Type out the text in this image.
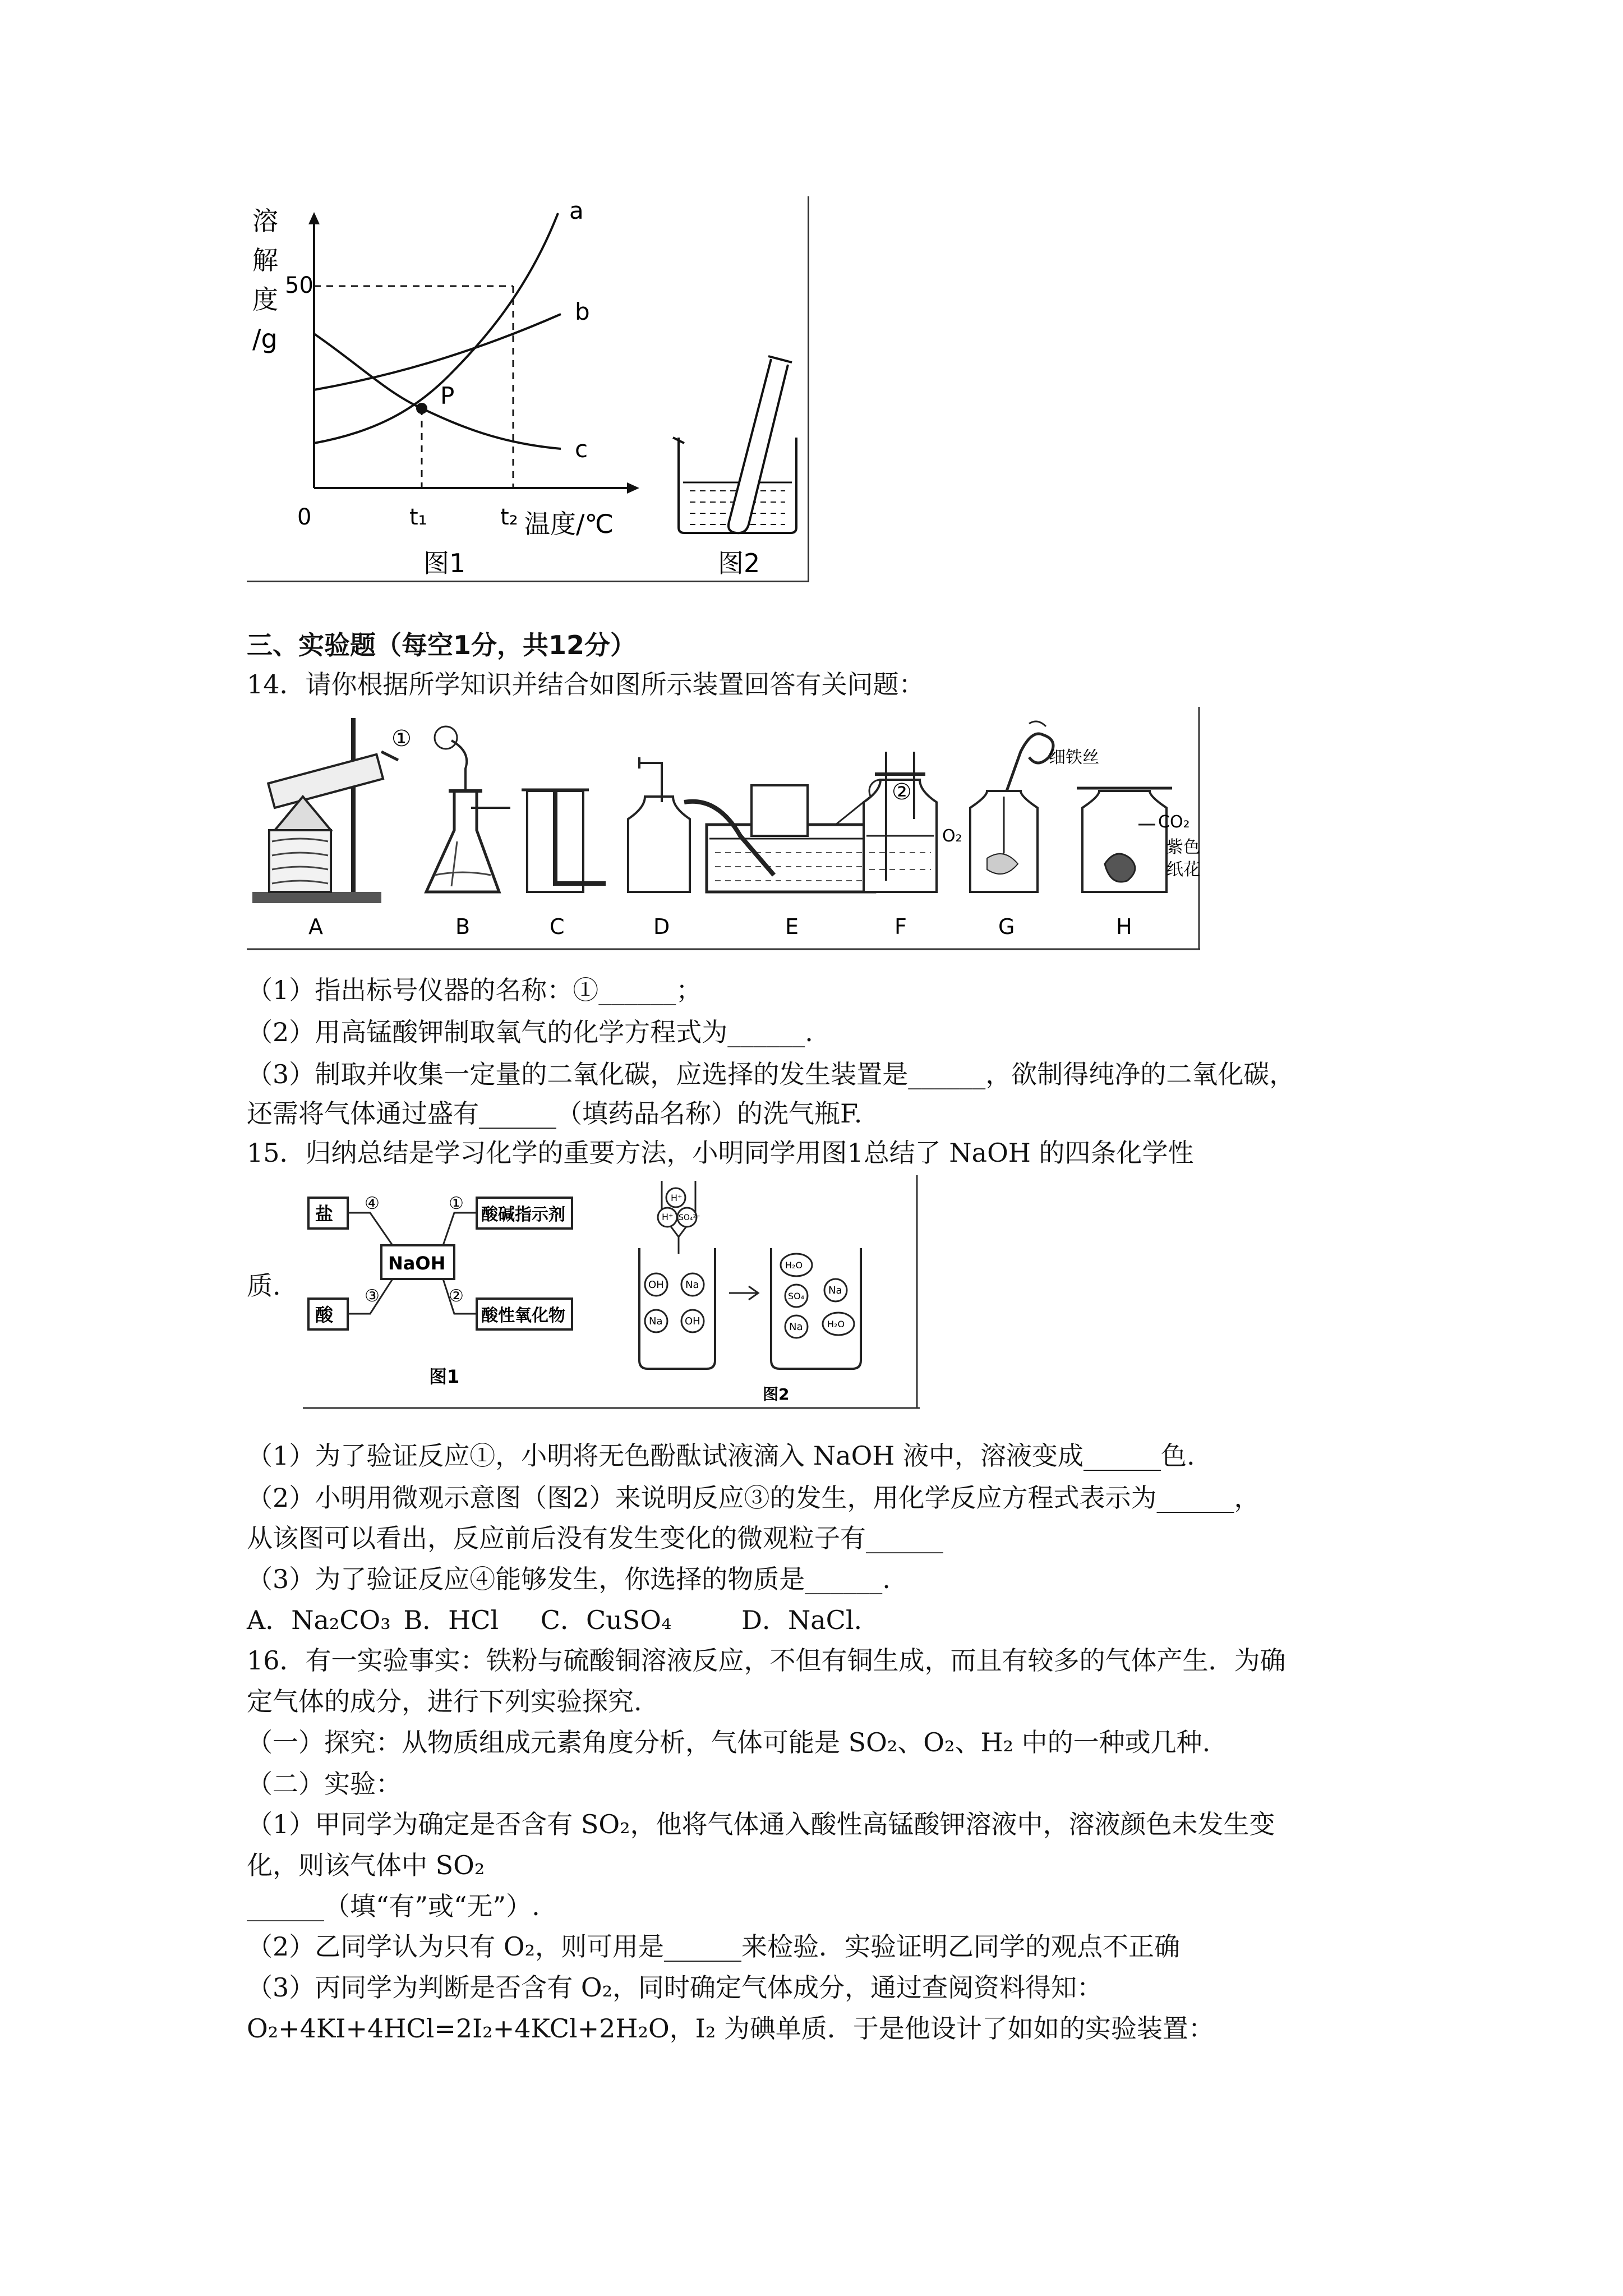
溶
解
度
/g
50
0	t₁	t₂ 温度/℃
a
b
c
P
图1	图2
三、实验题（每空1分，共12分）
14．请你根据所学知识并结合如图所示装置回答有关问题：
①
②
细铁丝
O₂
CO₂
紫色
纸花
A	B	C	D	E	F	G	H
（1）指出标号仪器的名称：①______；
（2）用高锰酸钾制取氧气的化学方程式为______.
（3）制取并收集一定量的二氧化碳，应选择的发生装置是______，欲制得纯净的二氧化碳，
还需将气体通过盛有______（填药品名称）的洗气瓶F.
15．归纳总结是学习化学的重要方法，小明同学用图1总结了 NaOH 的四条化学性
盐	酸碱指示剂
酸	酸性氧化物
NaOH
④	①
③	②
图1
H⁺
SO₄²⁻
H⁺
OH Na
Na OH
H₂O
SO₄ Na
Na	H₂O
图2
质.
（1）为了验证反应①，小明将无色酚酞试液滴入 NaOH 液中，溶液变成______色.
（2）小明用微观示意图（图2）来说明反应③的发生，用化学反应方程式表示为______，
从该图可以看出，反应前后没有发生变化的微观粒子有______
（3）为了验证反应④能够发生，你选择的物质是______.
A．Na₂CO₃ B．HCl C．CuSO₄	D．NaCl.
16．有一实验事实：铁粉与硫酸铜溶液反应，不但有铜生成，而且有较多的气体产生．为确
定气体的成分，进行下列实验探究.
（一）探究：从物质组成元素角度分析，气体可能是 SO₂、O₂、H₂ 中的一种或几种.
（二）实验：
（1）甲同学为确定是否含有 SO₂，他将气体通入酸性高锰酸钾溶液中，溶液颜色未发生变
化，则该气体中 SO₂
______（填“有”或“无”）.
（2）乙同学认为只有 O₂，则可用是______来检验．实验证明乙同学的观点不正确
（3）丙同学为判断是否含有 O₂，同时确定气体成分，通过查阅资料得知：
O₂+4KI+4HCl=2I₂+4KCl+2H₂O，I₂ 为碘单质．于是他设计了如如的实验装置：
